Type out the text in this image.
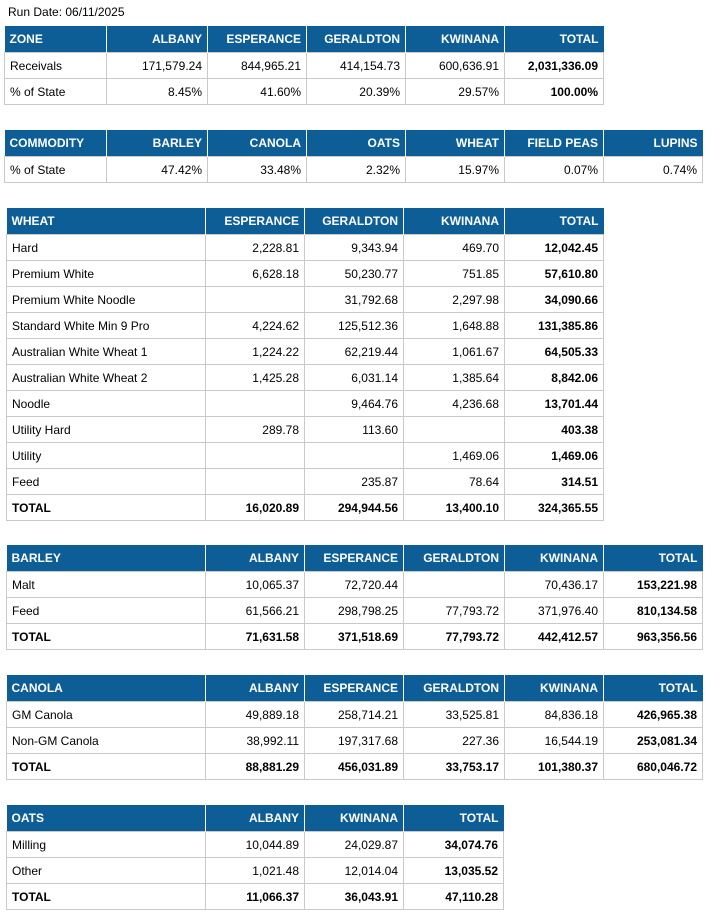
Run Date: 06/11/2025
ZONE	ALBANY	ESPERANCE	GERALDTON	KWINANA	TOTAL
Receivals	171,579.24	844,965.21	414,154.73	600,636.91	2,031,336.09
% of State	8.45%	41.60%	20.39%	29.57%	100.00%
COMMODITY	BARLEY	CANOLA	OATS	WHEAT	FIELD PEAS	LUPINS
% of State	47.42%	33.48%	2.32%	15.97%	0.07%	0.74%
WHEAT	ESPERANCE	GERALDTON	KWINANA	TOTAL
Hard	2,228.81	9,343.94	469.70	12,042.45
Premium White	6,628.18	50,230.77	751.85	57,610.80
Premium White Noodle		31,792.68	2,297.98	34,090.66
Standard White Min 9 Pro	4,224.62	125,512.36	1,648.88	131,385.86
Australian White Wheat 1	1,224.22	62,219.44	1,061.67	64,505.33
Australian White Wheat 2	1,425.28	6,031.14	1,385.64	8,842.06
Noodle		9,464.76	4,236.68	13,701.44
Utility Hard	289.78	113.60		403.38
Utility			1,469.06	1,469.06
Feed		235.87	78.64	314.51
TOTAL	16,020.89	294,944.56	13,400.10	324,365.55
BARLEY	ALBANY	ESPERANCE	GERALDTON	KWINANA	TOTAL
Malt	10,065.37	72,720.44		70,436.17	153,221.98
Feed	61,566.21	298,798.25	77,793.72	371,976.40	810,134.58
TOTAL	71,631.58	371,518.69	77,793.72	442,412.57	963,356.56
CANOLA	ALBANY	ESPERANCE	GERALDTON	KWINANA	TOTAL
GM Canola	49,889.18	258,714.21	33,525.81	84,836.18	426,965.38
Non-GM Canola	38,992.11	197,317.68	227.36	16,544.19	253,081.34
TOTAL	88,881.29	456,031.89	33,753.17	101,380.37	680,046.72
OATS	ALBANY	KWINANA	TOTAL
Milling	10,044.89	24,029.87	34,074.76
Other	1,021.48	12,014.04	13,035.52
TOTAL	11,066.37	36,043.91	47,110.28
